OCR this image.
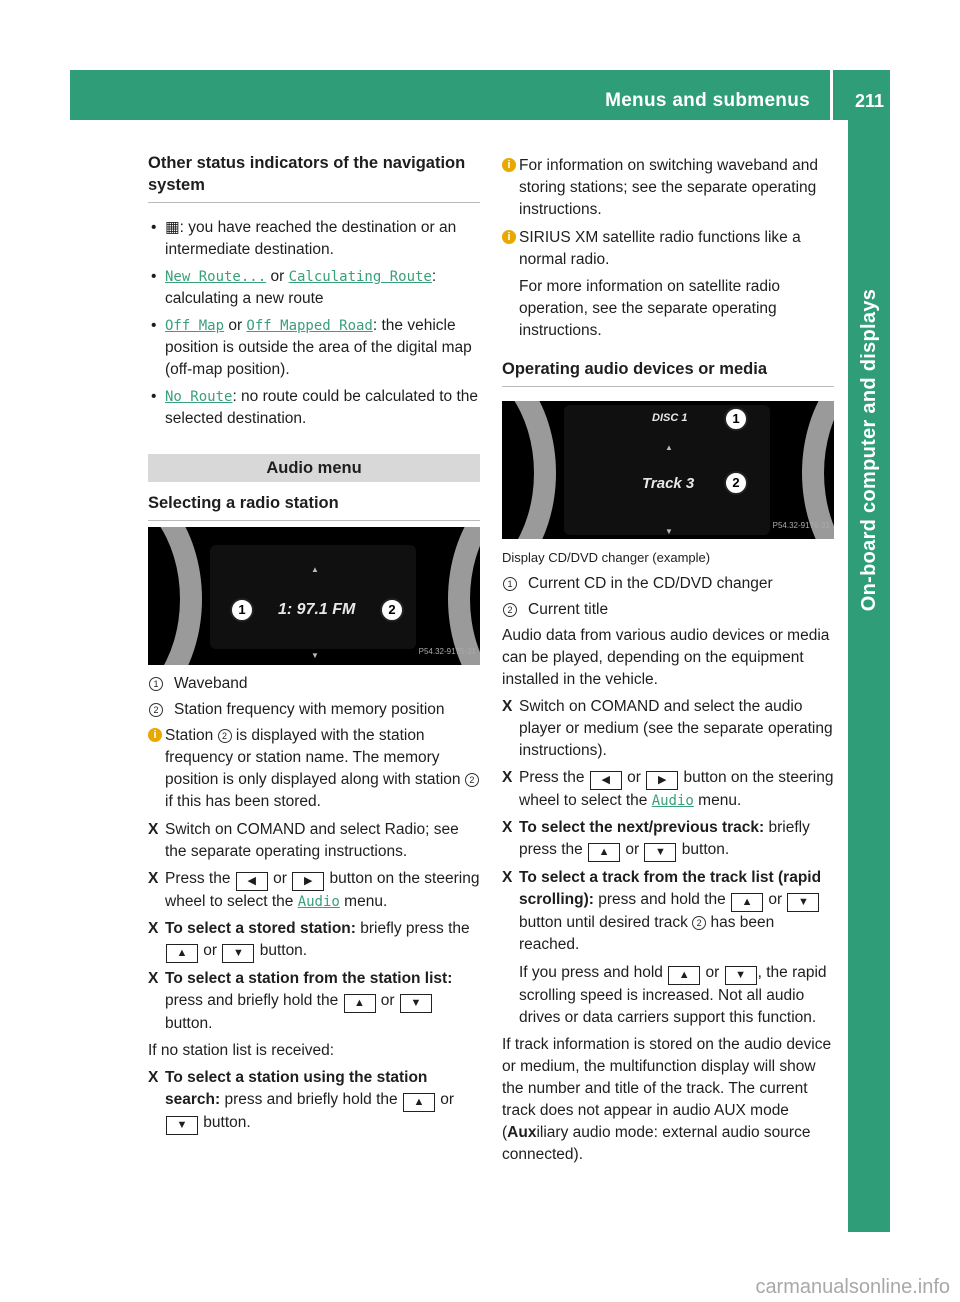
Menus and submenus	211
On-board computer and displays
Other status indicators of the navigation system
• ▦: you have reached the destination or an intermediate destination.
• New Route... or Calculating Route: calculating a new route
• Off Map or Off Mapped Road: the vehicle position is outside the area of the digital map (off-map position).
• No Route: no route could be calculated to the selected destination.
Audio menu
Selecting a radio station
▲
▼
1: 97.1 FM
1	2
P54.32-9175-31
1 Waveband
2 Station frequency with memory position
i Station 2 is displayed with the station frequency or station name. The memory position is only displayed along with station 2 if this has been stored.
X Switch on COMAND and select Radio; see the separate operating instructions.
X Press the ◀ or ▶ button on the steering wheel to select the Audio menu.
X To select a stored station: briefly press the ▲ or ▼ button.
X To select a station from the station list: press and briefly hold the ▲ or ▼ button.
If no station list is received:
X To select a station using the station search: press and briefly hold the ▲ or ▼ button.
i For information on switching waveband and storing stations; see the separate operating instructions.

i SIRIUS XM satellite radio functions like a normal radio.

For more information on satellite radio operation, see the separate operating instructions.

Operating audio devices or media
DISC 1
▲
Track 3
▼
1
2
P54.32-9176-31
Display CD/DVD changer (example)
1 Current CD in the CD/DVD changer
2 Current title
Audio data from various audio devices or media can be played, depending on the equipment installed in the vehicle.
X Switch on COMAND and select the audio player or medium (see the separate operating instructions).
X Press the ◀ or ▶ button on the steering wheel to select the Audio menu.
X To select the next/previous track: briefly press the ▲ or ▼ button.
X To select a track from the track list (rapid scrolling): press and hold the ▲ or ▼ button until desired track 2 has been reached.
If you press and hold ▲ or ▼ , the rapid scrolling speed is increased. Not all audio drives or data carriers support this function.
If track information is stored on the audio device or medium, the multifunction display will show the number and title of the track. The current track does not appear in audio AUX mode (Auxiliary audio mode: external audio source connected).
carmanualsonline.info
